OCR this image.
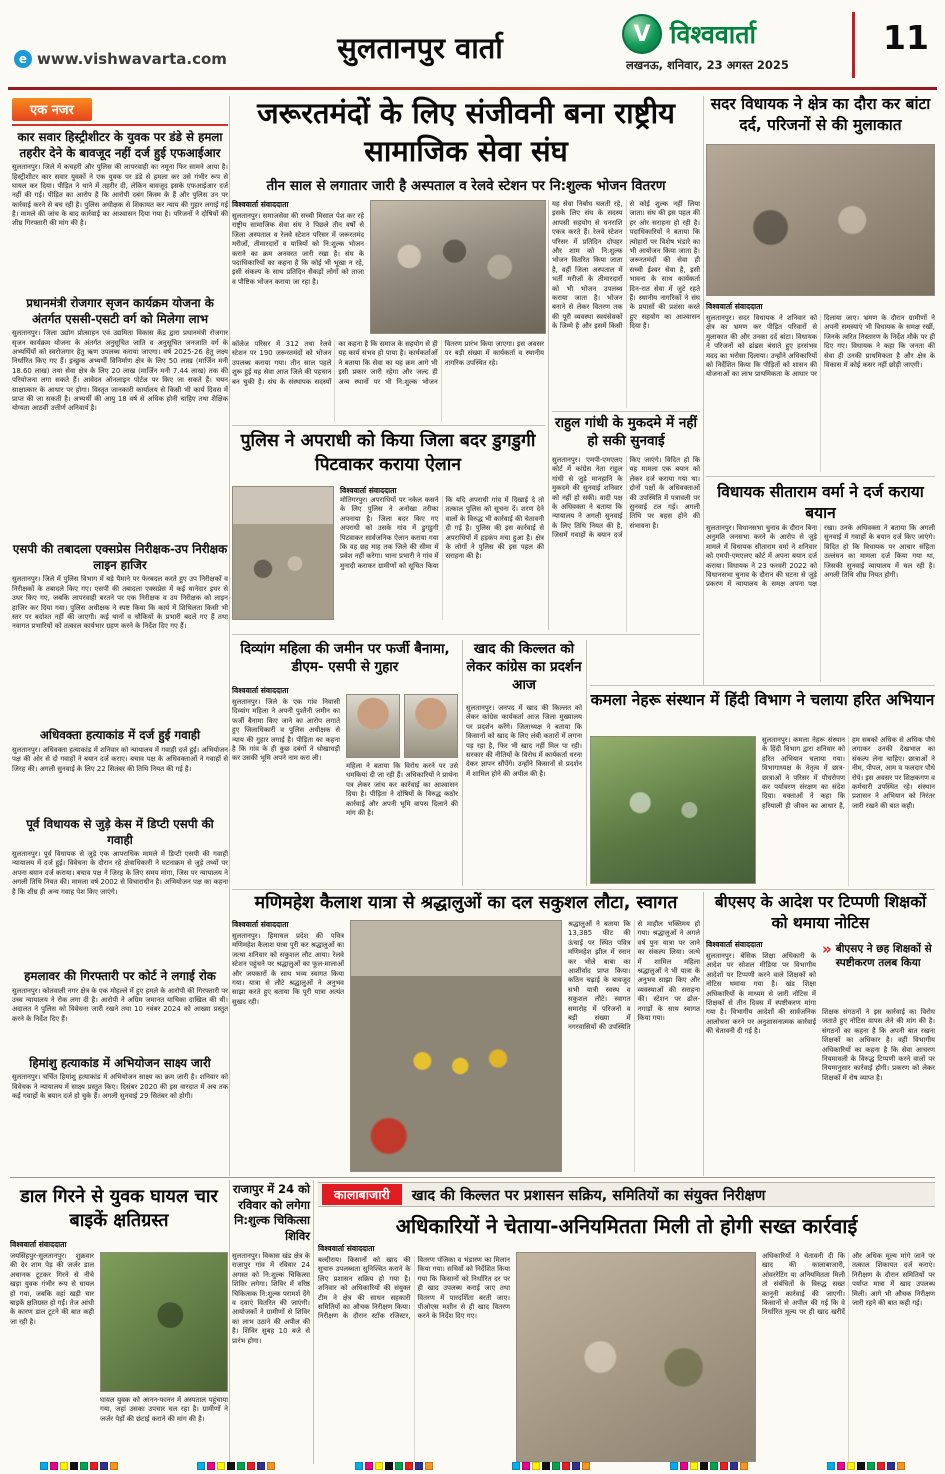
e www.vishwavarta.com	सुलतानपुर वार्ता	V विश्ववार्ता
लखनऊ, शनिवार, 23 अगस्त 2025
11
एक नजर
कार सवार हिस्ट्रीशीटर के युवक पर डंडे से हमला तहरीर देने के बावजूद नहीं दर्ज हुई एफआईआर
सुलतानपुर। जिले में कचहरी और पुलिस की लापरवाही का नमूना फिर सामने आया है। हिस्ट्रीशीटर कार सवार युवकों ने एक युवक पर डंडे से हमला कर उसे गंभीर रूप से घायल कर दिया। पीड़ित ने थाने में तहरीर दी, लेकिन बावजूद इसके एफआईआर दर्ज नहीं की गई। पीड़ित का आरोप है कि आरोपी दबंग किस्म के हैं और पुलिस उन पर कार्रवाई करने से बच रही है। पुलिस अधीक्षक से शिकायत कर न्याय की गुहार लगाई गई है। मामले की जांच के बाद कार्रवाई का आश्वासन दिया गया है। परिजनों ने दोषियों की शीघ्र गिरफ्तारी की मांग की है।
प्रधानमंत्री रोजगार सृजन कार्यक्रम योजना के अंतर्गत एससी-एसटी वर्ग को मिलेगा लाभ
सुलतानपुर। जिला उद्योग प्रोत्साहन एवं उद्यमिता विकास केंद्र द्वारा प्रधानमंत्री रोजगार सृजन कार्यक्रम योजना के अंतर्गत अनुसूचित जाति व अनुसूचित जनजाति वर्ग के अभ्यर्थियों को स्वरोजगार हेतु ऋण उपलब्ध कराया जाएगा। वर्ष 2025-26 हेतु लक्ष्य निर्धारित किए गए हैं। इच्छुक अभ्यर्थी विनिर्माण क्षेत्र के लिए 50 लाख (मार्जिन मनी 18.60 लाख) तथा सेवा क्षेत्र के लिए 20 लाख (मार्जिन मनी 7.44 लाख) तक की परियोजना लगा सकते हैं। आवेदन ऑनलाइन पोर्टल पर किए जा सकते हैं। चयन साक्षात्कार के आधार पर होगा। विस्तृत जानकारी कार्यालय से किसी भी कार्य दिवस में प्राप्त की जा सकती है। अभ्यर्थी की आयु 18 वर्ष से अधिक होनी चाहिए तथा शैक्षिक योग्यता आठवीं उत्तीर्ण अनिवार्य है।
एसपी की तबादला एक्सप्रेस निरीक्षक-उप निरीक्षक लाइन हाजिर
सुलतानपुर। जिले में पुलिस विभाग में बड़े पैमाने पर फेरबदल करते हुए उप निरीक्षकों व निरीक्षकों के तबादले किए गए। एसपी की तबादला एक्सप्रेस में कई थानेदार इधर से उधर किए गए, जबकि लापरवाही बरतने पर एक निरीक्षक व उप निरीक्षक को लाइन हाजिर कर दिया गया। पुलिस अधीक्षक ने स्पष्ट किया कि कार्य में शिथिलता किसी भी स्तर पर बर्दाश्त नहीं की जाएगी। कई थानों व चौकियों के प्रभारी बदले गए हैं तथा नवागत प्रभारियों को तत्काल कार्यभार ग्रहण करने के निर्देश दिए गए हैं।
अधिवक्ता हत्याकांड में दर्ज हुई गवाही
सुलतानपुर। अधिवक्ता हत्याकांड में शनिवार को न्यायालय में गवाही दर्ज हुई। अभियोजन पक्ष की ओर से दो गवाहों ने बयान दर्ज कराए। बचाव पक्ष के अधिवक्ताओं ने गवाहों से जिरह की। अगली सुनवाई के लिए 22 सितंबर की तिथि नियत की गई है।
पूर्व विधायक से जुड़े केस में डिप्टी एसपी की गवाही
सुलतानपुर। पूर्व विधायक से जुड़े एक आपराधिक मामले में डिप्टी एसपी की गवाही न्यायालय में दर्ज हुई। विवेचना के दौरान रहे क्षेत्राधिकारी ने घटनाक्रम से जुड़े तथ्यों पर अपना बयान दर्ज कराया। बचाव पक्ष ने जिरह के लिए समय मांगा, जिस पर न्यायालय ने अगली तिथि नियत की। मामला वर्ष 2002 से विचाराधीन है। अभियोजन पक्ष का कहना है कि शीघ्र ही अन्य गवाह पेश किए जाएंगे।
हमलावर की गिरफ्तारी पर कोर्ट ने लगाई रोक
सुलतानपुर। कोतवाली नगर क्षेत्र के एक मोहल्ले में हुए हमले के आरोपी की गिरफ्तारी पर उच्च न्यायालय ने रोक लगा दी है। आरोपी ने अग्रिम जमानत याचिका दाखिल की थी। अदालत ने पुलिस को विवेचना जारी रखने तथा 10 नवंबर 2024 को आख्या प्रस्तुत करने के निर्देश दिए हैं।
हिमांशु हत्याकांड में अभियोजन साक्ष्य जारी
सुलतानपुर। चर्चित हिमांशु हत्याकांड में अभियोजन साक्ष्य का क्रम जारी है। शनिवार को विवेचक ने न्यायालय में साक्ष्य प्रस्तुत किए। दिसंबर 2020 की इस वारदात में अब तक कई गवाहों के बयान दर्ज हो चुके हैं। अगली सुनवाई 29 सितंबर को होगी।
जरूरतमंदों के लिए संजीवनी बना राष्ट्रीय सामाजिक सेवा संघ
तीन साल से लगातार जारी है अस्पताल व रेलवे स्टेशन पर नि:शुल्क भोजन वितरण
विश्ववार्ता संवाददाता
सुलतानपुर। समाजसेवा की सच्ची मिसाल पेश कर रहे राष्ट्रीय सामाजिक सेवा संघ ने पिछले तीन वर्षों से जिला अस्पताल व रेलवे स्टेशन परिसर में जरूरतमंद मरीजों, तीमारदारों व यात्रियों को नि:शुल्क भोजन कराने का क्रम अनवरत जारी रखा है। संघ के पदाधिकारियों का कहना है कि कोई भी भूखा न रहे, इसी संकल्प के साथ प्रतिदिन सैकड़ों लोगों को ताजा व पौष्टिक भोजन कराया जा रहा है।
यह सेवा निर्बाध चलती रहे, इसके लिए संघ के सदस्य आपसी सहयोग से धनराशि एकत्र करते हैं। रेलवे स्टेशन परिसर में प्रतिदिन दोपहर और शाम को नि:शुल्क भोजन वितरित किया जाता है, वहीं जिला अस्पताल में भर्ती मरीजों के तीमारदारों को भी भोजन उपलब्ध कराया जाता है। भोजन बनाने से लेकर वितरण तक की पूरी व्यवस्था स्वयंसेवकों के जिम्मे है और इसमें किसी से कोई शुल्क नहीं लिया जाता। संघ की इस पहल की हर ओर सराहना हो रही है। पदाधिकारियों ने बताया कि त्योहारों पर विशेष भंडारे का भी आयोजन किया जाता है। जरूरतमंदों की सेवा ही सच्ची ईश्वर सेवा है, इसी भावना के साथ कार्यकर्ता दिन-रात सेवा में जुटे रहते हैं। स्थानीय नागरिकों ने संघ के प्रयासों की प्रशंसा करते हुए सहयोग का आश्वासन दिया है।
कॉलेज परिसर में 312 तथा रेलवे स्टेशन पर 190 जरूरतमंदों को भोजन उपलब्ध कराया गया। तीन साल पहले शुरू हुई यह सेवा आज जिले की पहचान बन चुकी है। संघ के संस्थापक सदस्यों का कहना है कि समाज के सहयोग से ही यह कार्य संभव हो पाया है। कार्यकर्ताओं ने बताया कि सेवा का यह क्रम आगे भी इसी प्रकार जारी रहेगा और जल्द ही अन्य स्थानों पर भी नि:शुल्क भोजन वितरण प्रारंभ किया जाएगा। इस अवसर पर बड़ी संख्या में कार्यकर्ता व स्थानीय नागरिक उपस्थित रहे।
पुलिस ने अपराधी को किया जिला बदर डुगडुगी पिटवाकर कराया ऐलान
विश्ववार्ता संवाददाता
मोतिगरपुर। अपराधियों पर नकेल कसने के लिए पुलिस ने अनोखा तरीका अपनाया है। जिला बदर किए गए अपराधी को उसके गांव में डुगडुगी पिटवाकर सार्वजनिक ऐलान कराया गया कि वह छह माह तक जिले की सीमा में प्रवेश नहीं करेगा। थाना प्रभारी ने गांव में मुनादी कराकर ग्रामीणों को सूचित किया कि यदि अपराधी गांव में दिखाई दे तो तत्काल पुलिस को सूचना दें। शरण देने वालों के विरुद्ध भी कार्रवाई की चेतावनी दी गई है। पुलिस की इस कार्रवाई से अपराधियों में हड़कंप मचा हुआ है। क्षेत्र के लोगों ने पुलिस की इस पहल की सराहना की है।
राहुल गांधी के मुकदमे में नहीं हो सकी सुनवाई
सुलतानपुर। एमपी-एमएलए कोर्ट में कांग्रेस नेता राहुल गांधी से जुड़े मानहानि के मुकदमे की सुनवाई शनिवार को नहीं हो सकी। वादी पक्ष के अधिवक्ता ने बताया कि न्यायालय ने अगली सुनवाई के लिए तिथि नियत की है, जिसमें गवाहों के बयान दर्ज किए जाएंगे। विदित हो कि यह मामला एक बयान को लेकर दर्ज कराया गया था। दोनों पक्षों के अधिवक्ताओं की उपस्थिति में पत्रावली पर सुनवाई टल गई। अगली तिथि पर बहस होने की संभावना है।
दिव्यांग महिला की जमीन पर फर्जी बैनामा, डीएम- एसपी से गुहार
विश्ववार्ता संवाददाता
सुलतानपुर। जिले के एक गांव निवासी दिव्यांग महिला ने अपनी पुश्तैनी जमीन का फर्जी बैनामा किए जाने का आरोप लगाते हुए जिलाधिकारी व पुलिस अधीक्षक से न्याय की गुहार लगाई है। पीड़िता का कहना है कि गांव के ही कुछ दबंगों ने धोखाधड़ी कर उसकी भूमि अपने नाम करा ली।
महिला ने बताया कि विरोध करने पर उसे धमकियां दी जा रही हैं। अधिकारियों ने प्रार्थना पत्र लेकर जांच कर कार्रवाई का आश्वासन दिया है। पीड़िता ने दोषियों के विरुद्ध कठोर कार्रवाई और अपनी भूमि वापस दिलाने की मांग की है।
खाद की किल्लत को लेकर कांग्रेस का प्रदर्शन आज
सुलतानपुर। जनपद में खाद की किल्लत को लेकर कांग्रेस कार्यकर्ता आज जिला मुख्यालय पर प्रदर्शन करेंगे। जिलाध्यक्ष ने बताया कि किसानों को खाद के लिए लंबी कतारों में लगना पड़ रहा है, फिर भी खाद नहीं मिल पा रही। सरकार की नीतियों के विरोध में कार्यकर्ता धरना देकर ज्ञापन सौंपेंगे। उन्होंने किसानों से प्रदर्शन में शामिल होने की अपील की है।
कमला नेहरू संस्थान में हिंदी विभाग ने चलाया हरित अभियान
सुलतानपुर। कमला नेहरू संस्थान के हिंदी विभाग द्वारा शनिवार को हरित अभियान चलाया गया। विभागाध्यक्ष के नेतृत्व में छात्र-छात्राओं ने परिसर में पौधरोपण कर पर्यावरण संरक्षण का संदेश दिया। वक्ताओं ने कहा कि हरियाली ही जीवन का आधार है, हम सबको अधिक से अधिक पौधे लगाकर उनकी देखभाल का संकल्प लेना चाहिए। छात्राओं ने नीम, पीपल, आम व फलदार पौधे रोपे। इस अवसर पर शिक्षकगण व कर्मचारी उपस्थित रहे। संस्थान प्रशासन ने अभियान को निरंतर जारी रखने की बात कही।
मणिमहेश कैलाश यात्रा से श्रद्धालुओं का दल सकुशल लौटा, स्वागत
विश्ववार्ता संवाददाता
सुलतानपुर। हिमाचल प्रदेश की पवित्र मणिमहेश कैलाश यात्रा पूरी कर श्रद्धालुओं का जत्था शनिवार को सकुशल लौट आया। रेलवे स्टेशन पहुंचने पर श्रद्धालुओं का फूल-मालाओं और जयकारों के साथ भव्य स्वागत किया गया। यात्रा से लौटे श्रद्धालुओं ने अनुभव साझा करते हुए बताया कि पूरी यात्रा अत्यंत सुखद रही।
श्रद्धालुओं ने बताया कि 13,385 फीट की ऊंचाई पर स्थित पवित्र मणिमहेश झील में स्नान कर भोले बाबा का आशीर्वाद प्राप्त किया। कठिन चढ़ाई के बावजूद सभी यात्री स्वस्थ व सकुशल लौटे। स्वागत समारोह में परिजनों व बड़ी संख्या में नगरवासियों की उपस्थिति से माहौल भक्तिमय हो गया। श्रद्धालुओं ने अगले वर्ष पुनः यात्रा पर जाने का संकल्प लिया। जत्थे में शामिल महिला श्रद्धालुओं ने भी यात्रा के अनुभव साझा किए और व्यवस्थाओं की सराहना की। स्टेशन पर ढोल-नगाड़ों के साथ स्वागत किया गया।
बीएसए के आदेश पर टिप्पणी शिक्षकों को थमाया नोटिस
विश्ववार्ता संवाददाता
सुलतानपुर। बेसिक शिक्षा अधिकारी के आदेश पर सोशल मीडिया पर विभागीय आदेशों पर टिप्पणी करने वाले शिक्षकों को नोटिस थमाया गया है। खंड शिक्षा अधिकारियों के माध्यम से जारी नोटिस में शिक्षकों से तीन दिवस में स्पष्टीकरण मांगा गया है। विभागीय आदेशों की सार्वजनिक आलोचना करने पर अनुशासनात्मक कार्रवाई की चेतावनी दी गई है।
» बीएसए ने छह शिक्षकों से स्पष्टीकरण तलब किया
शिक्षक संगठनों ने इस कार्रवाई का विरोध जताते हुए नोटिस वापस लेने की मांग की है। संगठनों का कहना है कि अपनी बात रखना शिक्षकों का अधिकार है। वहीं विभागीय अधिकारियों का कहना है कि सेवा आचरण नियमावली के विरुद्ध टिप्पणी करने वालों पर नियमानुसार कार्रवाई होगी। प्रकरण को लेकर शिक्षकों में रोष व्याप्त है।
राजापुर में 24 को रविवार को लगेगा नि:शुल्क चिकित्सा शिविर
सुलतानपुर। विकास खंड क्षेत्र के राजापुर गांव में रविवार 24 अगस्त को नि:शुल्क चिकित्सा शिविर लगेगा। शिविर में वरिष्ठ चिकित्सक नि:शुल्क परामर्श देंगे व दवाएं वितरित की जाएंगी। आयोजकों ने ग्रामीणों से शिविर का लाभ उठाने की अपील की है। शिविर सुबह 10 बजे से प्रारंभ होगा।
कालाबाजारी	खाद की किल्लत पर प्रशासन सक्रिय, समितियों का संयुक्त निरीक्षण
अधिकारियों ने चेताया-अनियमितता मिली तो होगी सख्त कार्रवाई
विश्ववार्ता संवाददाता
बल्दीराय। किसानों को खाद की सुचारु उपलब्धता सुनिश्चित कराने के लिए प्रशासन सक्रिय हो गया है। शनिवार को अधिकारियों की संयुक्त टीम ने क्षेत्र की साधन सहकारी समितियों का औचक निरीक्षण किया। निरीक्षण के दौरान स्टॉक रजिस्टर, वितरण पंजिका व भंडारण का मिलान किया गया। सचिवों को निर्देशित किया गया कि किसानों को निर्धारित दर पर ही खाद उपलब्ध कराई जाए तथा वितरण में पारदर्शिता बरती जाए। पीओएस मशीन से ही खाद वितरण करने के निर्देश दिए गए।
अधिकारियों ने चेतावनी दी कि खाद की कालाबाजारी, ओवररेटिंग या अनियमितता मिली तो संबंधितों के विरुद्ध सख्त कानूनी कार्रवाई की जाएगी। किसानों से अपील की गई कि वे निर्धारित मूल्य पर ही खाद खरीदें और अधिक मूल्य मांगे जाने पर तत्काल शिकायत दर्ज कराएं। निरीक्षण के दौरान समितियों पर पर्याप्त मात्रा में खाद उपलब्ध मिली। आगे भी औचक निरीक्षण जारी रहने की बात कही गई।
सदर विधायक ने क्षेत्र का दौरा कर बांटा दर्द, परिजनों से की मुलाकात
विश्ववार्ता संवाददाता
सुलतानपुर। सदर विधायक ने शनिवार को क्षेत्र का भ्रमण कर पीड़ित परिवारों से मुलाकात की और उनका दर्द बांटा। विधायक ने परिजनों को ढांढस बंधाते हुए हरसंभव मदद का भरोसा दिलाया। उन्होंने अधिकारियों को निर्देशित किया कि पीड़ितों को शासन की योजनाओं का लाभ प्राथमिकता के आधार पर दिलाया जाए। भ्रमण के दौरान ग्रामीणों ने अपनी समस्याएं भी विधायक के समक्ष रखीं, जिनके त्वरित निस्तारण के निर्देश मौके पर ही दिए गए। विधायक ने कहा कि जनता की सेवा ही उनकी प्राथमिकता है और क्षेत्र के विकास में कोई कसर नहीं छोड़ी जाएगी।
विधायक सीताराम वर्मा ने दर्ज कराया बयान
सुलतानपुर। विधानसभा चुनाव के दौरान बिना अनुमति जनसभा करने के आरोप से जुड़े मामले में विधायक सीताराम वर्मा ने शनिवार को एमपी-एमएलए कोर्ट में अपना बयान दर्ज कराया। विधायक ने 23 फरवरी 2022 को विधानसभा चुनाव के दौरान की घटना से जुड़े प्रकरण में न्यायालय के समक्ष अपना पक्ष रखा। उनके अधिवक्ता ने बताया कि अगली सुनवाई में गवाहों के बयान दर्ज किए जाएंगे। विदित हो कि विधायक पर आचार संहिता उल्लंघन का मामला दर्ज किया गया था, जिसकी सुनवाई न्यायालय में चल रही है। अगली तिथि शीघ्र नियत होगी।
डाल गिरने से युवक घायल चार बाइकें क्षतिग्रस्त
विश्ववार्ता संवाददाता
जयसिंहपुर-सुलतानपुर। शुक्रवार की देर शाम पेड़ की जर्जर डाल अचानक टूटकर गिरने से नीचे खड़ा युवक गंभीर रूप से घायल हो गया, जबकि वहां खड़ी चार बाइकें क्षतिग्रस्त हो गईं। तेज आंधी के कारण डाल टूटने की बात कही जा रही है।
घायल युवक को आनन-फानन में अस्पताल पहुंचाया गया, जहां उसका उपचार चल रहा है। ग्रामीणों ने जर्जर पेड़ों की छंटाई कराने की मांग की है।
